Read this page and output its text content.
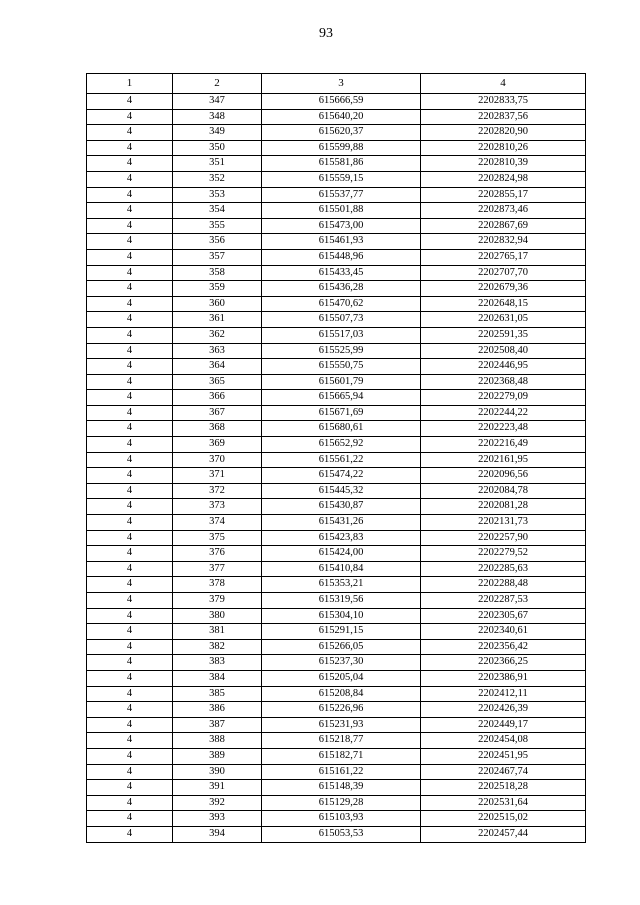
93
1	2	3	4
4	347	615666,59	2202833,75
4	348	615640,20	2202837,56
4	349	615620,37	2202820,90
4	350	615599,88	2202810,26
4	351	615581,86	2202810,39
4	352	615559,15	2202824,98
4	353	615537,77	2202855,17
4	354	615501,88	2202873,46
4	355	615473,00	2202867,69
4	356	615461,93	2202832,94
4	357	615448,96	2202765,17
4	358	615433,45	2202707,70
4	359	615436,28	2202679,36
4	360	615470,62	2202648,15
4	361	615507,73	2202631,05
4	362	615517,03	2202591,35
4	363	615525,99	2202508,40
4	364	615550,75	2202446,95
4	365	615601,79	2202368,48
4	366	615665,94	2202279,09
4	367	615671,69	2202244,22
4	368	615680,61	2202223,48
4	369	615652,92	2202216,49
4	370	615561,22	2202161,95
4	371	615474,22	2202096,56
4	372	615445,32	2202084,78
4	373	615430,87	2202081,28
4	374	615431,26	2202131,73
4	375	615423,83	2202257,90
4	376	615424,00	2202279,52
4	377	615410,84	2202285,63
4	378	615353,21	2202288,48
4	379	615319,56	2202287,53
4	380	615304,10	2202305,67
4	381	615291,15	2202340,61
4	382	615266,05	2202356,42
4	383	615237,30	2202366,25
4	384	615205,04	2202386,91
4	385	615208,84	2202412,11
4	386	615226,96	2202426,39
4	387	615231,93	2202449,17
4	388	615218,77	2202454,08
4	389	615182,71	2202451,95
4	390	615161,22	2202467,74
4	391	615148,39	2202518,28
4	392	615129,28	2202531,64
4	393	615103,93	2202515,02
4	394	615053,53	2202457,44
